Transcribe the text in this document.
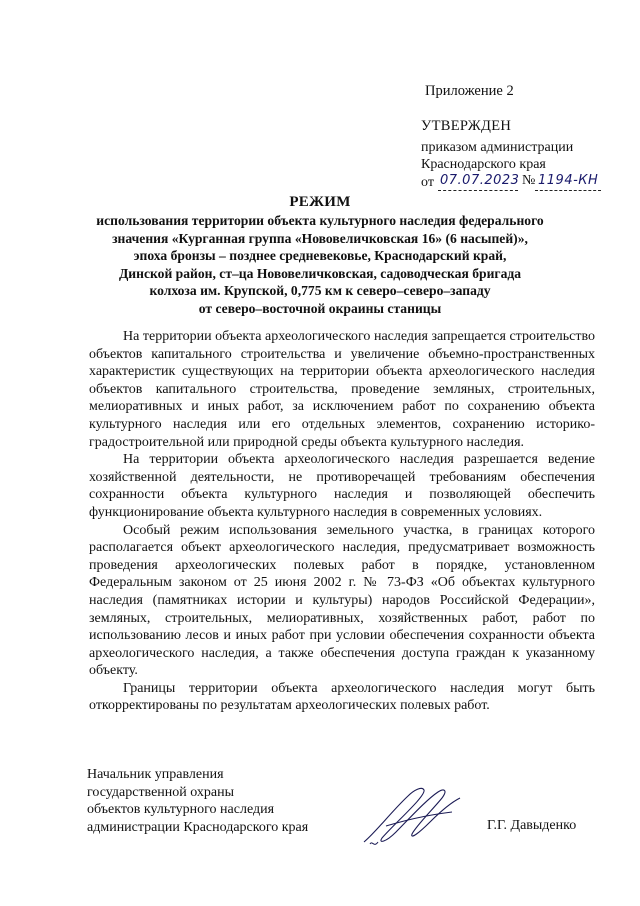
Приложение 2
УТВЕРЖДЕН
приказом администрации
Краснодарского края
от 07.07.2023 № 1194-КН
РЕЖИМ
использования территории объекта культурного наследия федерального
значения «Курганная группа «Нововеличковская 16» (6 насыпей)»,
эпоха бронзы – позднее средневековье, Краснодарский край,
Динской район, ст–ца Нововеличковская, садоводческая бригада
колхоза им. Крупской, 0,775 км к северо–северо–западу
от северо–восточной окраины станицы

На территории объекта археологического наследия запрещается строительство объектов капитального строительства и увеличение объемно-пространственных характеристик существующих на территории объекта археологического наследия объектов капитального строительства, проведение земляных, строительных, мелиоративных и иных работ, за исключением работ по сохранению объекта культурного наследия или его отдельных элементов, сохранению историко-градостроительной или природной среды объекта культурного наследия.

На территории объекта археологического наследия разрешается ведение хозяйственной деятельности, не противоречащей требованиям обеспечения сохранности объекта культурного наследия и позволяющей обеспечить функционирование объекта культурного наследия в современных условиях.

Особый режим использования земельного участка, в границах которого располагается объект археологического наследия, предусматривает возможность проведения археологических полевых работ в порядке, установленном Федеральным законом от 25 июня 2002 г. № 73-ФЗ «Об объектах культурного наследия (памятниках истории и культуры) народов Российской Федерации», земляных, строительных, мелиоративных, хозяйственных работ, работ по использованию лесов и иных работ при условии обеспечения сохранности объекта археологического наследия, а также обеспечения доступа граждан к указанному объекту.

Границы территории объекта археологического наследия могут быть откорректированы по результатам археологических полевых работ.

Начальник управления
государственной охраны
объектов культурного наследия
администрации Краснодарского края	Г.Г. Давыденко
